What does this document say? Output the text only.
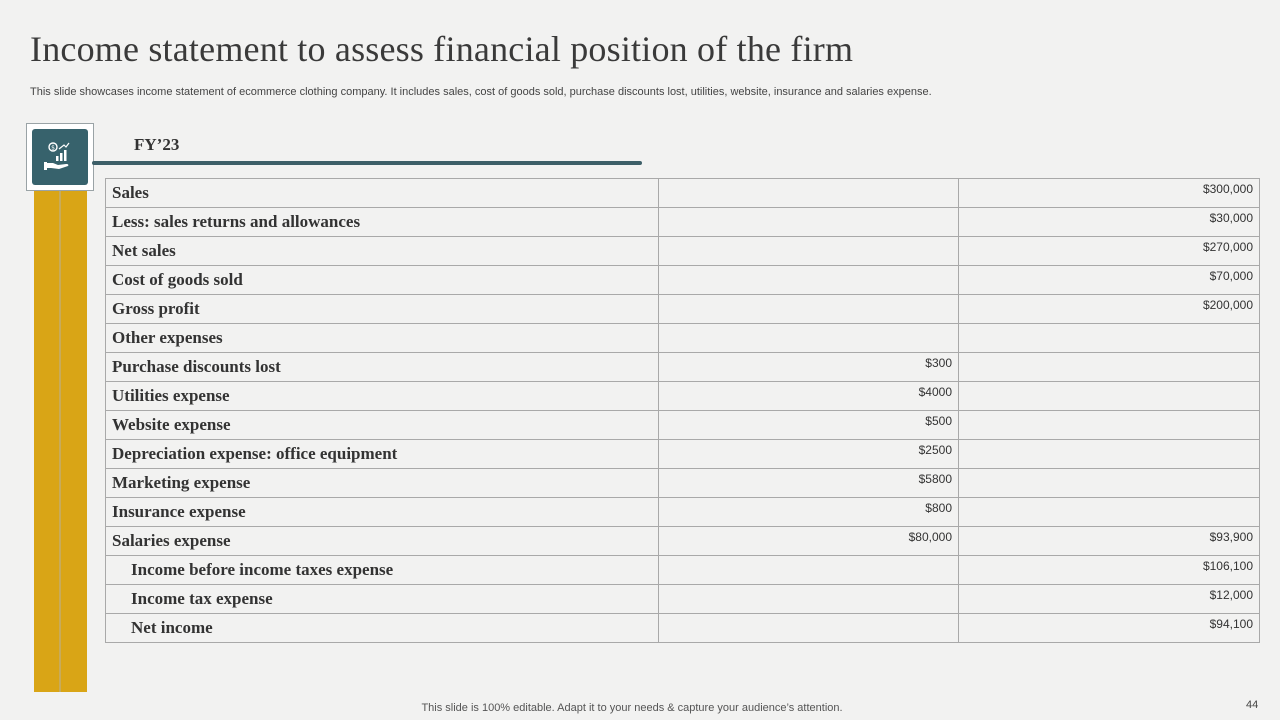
Income statement to assess financial position of the firm
This slide showcases income statement of ecommerce clothing company. It includes sales, cost of goods sold, purchase discounts lost, utilities, website, insurance and salaries expense.
$	FY’23
Sales		$300,000
Less: sales returns and allowances		$30,000
Net sales		$270,000
Cost of goods sold		$70,000
Gross profit		$200,000
Other expenses		
Purchase discounts lost	$300	
Utilities expense	$4000	
Website expense	$500	
Depreciation expense: office equipment	$2500	
Marketing expense	$5800	
Insurance expense	$800	
Salaries expense	$80,000	$93,900
Income before income taxes expense		$106,100
Income tax expense		$12,000
Net income		$94,100
This slide is 100% editable. Adapt it to your needs & capture your audience’s attention.	44
